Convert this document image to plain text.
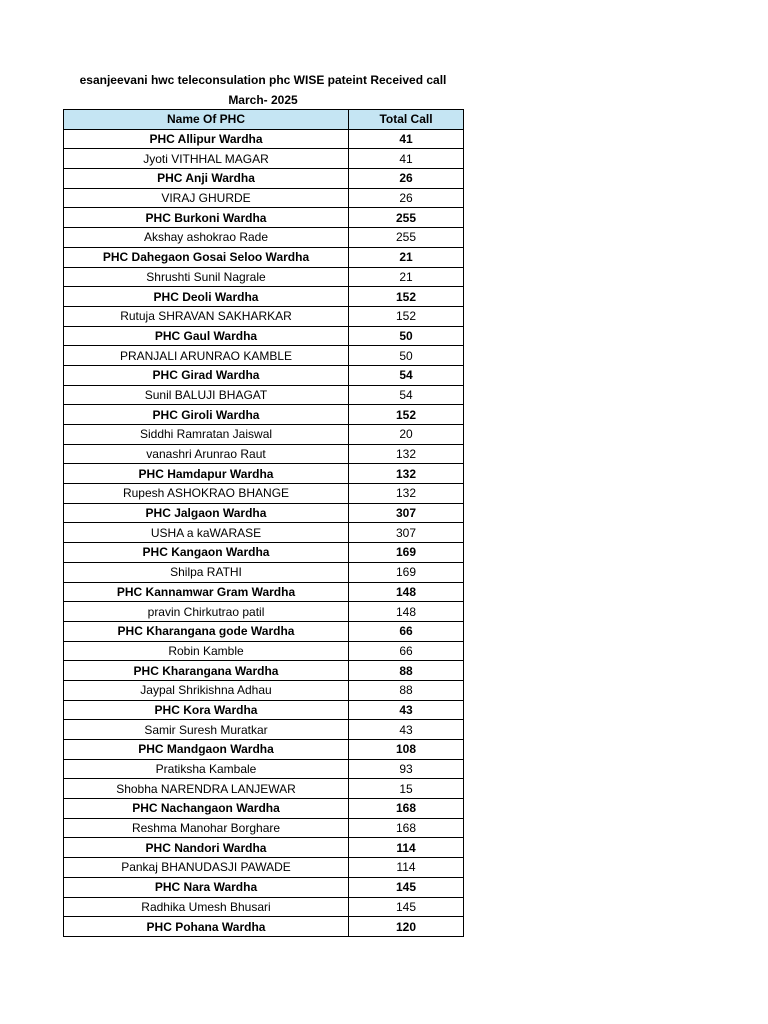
esanjeevani hwc teleconsulation phc WISE pateint Received call
March- 2025
Name Of PHC	Total Call
PHC Allipur Wardha	41
Jyoti VITHHAL MAGAR	41
PHC Anji Wardha	26
VIRAJ GHURDE	26
PHC Burkoni Wardha	255
Akshay ashokrao Rade	255
PHC Dahegaon Gosai Seloo Wardha	21
Shrushti Sunil Nagrale	21
PHC Deoli Wardha	152
Rutuja SHRAVAN SAKHARKAR	152
PHC Gaul Wardha	50
PRANJALI ARUNRAO KAMBLE	50
PHC Girad Wardha	54
Sunil BALUJI BHAGAT	54
PHC Giroli Wardha	152
Siddhi Ramratan Jaiswal	20
vanashri Arunrao Raut	132
PHC Hamdapur Wardha	132
Rupesh ASHOKRAO BHANGE	132
PHC Jalgaon Wardha	307
USHA a kaWARASE	307
PHC Kangaon Wardha	169
Shilpa RATHI	169
PHC Kannamwar Gram Wardha	148
pravin Chirkutrao patil	148
PHC Kharangana gode Wardha	66
Robin Kamble	66
PHC Kharangana Wardha	88
Jaypal Shrikishna Adhau	88
PHC Kora Wardha	43
Samir Suresh Muratkar	43
PHC Mandgaon Wardha	108
Pratiksha Kambale	93
Shobha NARENDRA LANJEWAR	15
PHC Nachangaon Wardha	168
Reshma Manohar Borghare	168
PHC Nandori Wardha	114
Pankaj BHANUDASJI PAWADE	114
PHC Nara Wardha	145
Radhika Umesh Bhusari	145
PHC Pohana Wardha	120
